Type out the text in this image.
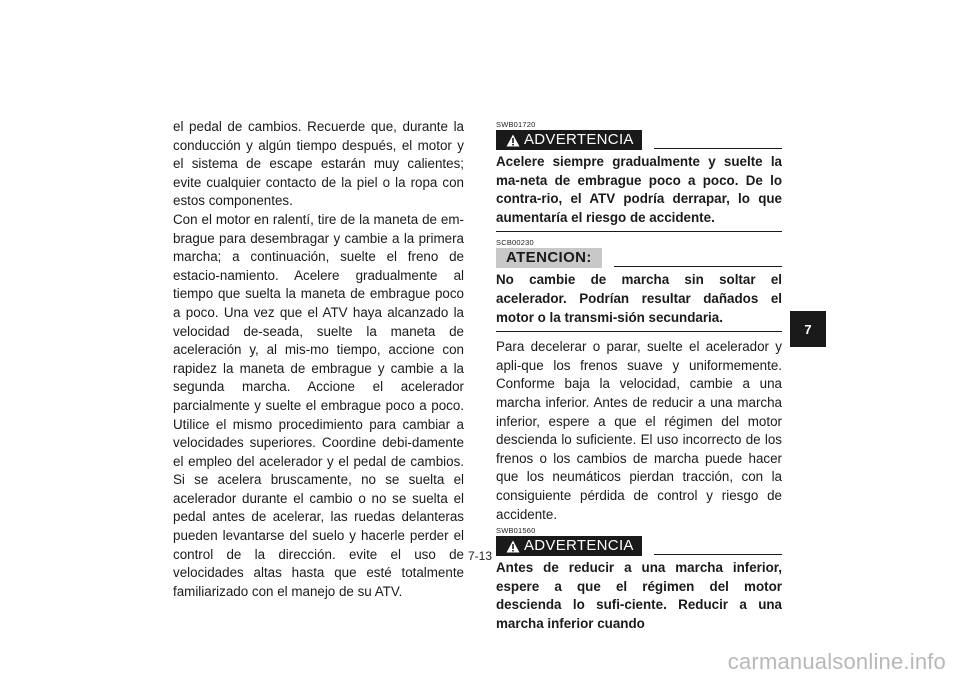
el pedal de cambios. Recuerde que, durante la conducción y algún tiempo después, el motor y el sistema de escape estarán muy calientes; evite cualquier contacto de la piel o la ropa con estos componentes.

Con el motor en ralentí, tire de la maneta de em-brague para desembragar y cambie a la primera marcha; a continuación, suelte el freno de estacio-namiento. Acelere gradualmente al tiempo que suelta la maneta de embrague poco a poco. Una vez que el ATV haya alcanzado la velocidad de-seada, suelte la maneta de aceleración y, al mis-mo tiempo, accione con rapidez la maneta de embrague y cambie a la segunda marcha. Accione el acelerador parcialmente y suelte el embrague poco a poco. Utilice el mismo procedimiento para cambiar a velocidades superiores. Coordine debi-damente el empleo del acelerador y el pedal de cambios. Si se acelera bruscamente, no se suelta el acelerador durante el cambio o no se suelta el pedal antes de acelerar, las ruedas delanteras pueden levantarse del suelo y hacerle perder el control de la dirección. evite el uso de velocidades altas hasta que esté totalmente familiarizado con el manejo de su ATV.

SWB01720
ADVERTENCIA
Acelere siempre gradualmente y suelte la ma-neta de embrague poco a poco. De lo contra-rio, el ATV podría derrapar, lo que aumentaría el riesgo de accidente.
SCB00230
ATENCION:
No cambie de marcha sin soltar el acelerador. Podrían resultar dañados el motor o la transmi-sión secundaria.
Para decelerar o parar, suelte el acelerador y apli-que los frenos suave y uniformemente. Conforme baja la velocidad, cambie a una marcha inferior. Antes de reducir a una marcha inferior, espere a que el régimen del motor descienda lo suficiente. El uso incorrecto de los frenos o los cambios de marcha puede hacer que los neumáticos pierdan tracción, con la consiguiente pérdida de control y riesgo de accidente.
SWB01560
ADVERTENCIA
Antes de reducir a una marcha inferior, espere a que el régimen del motor descienda lo sufi-ciente. Reducir a una marcha inferior cuando
7
7-13
carmanualsonline.info
